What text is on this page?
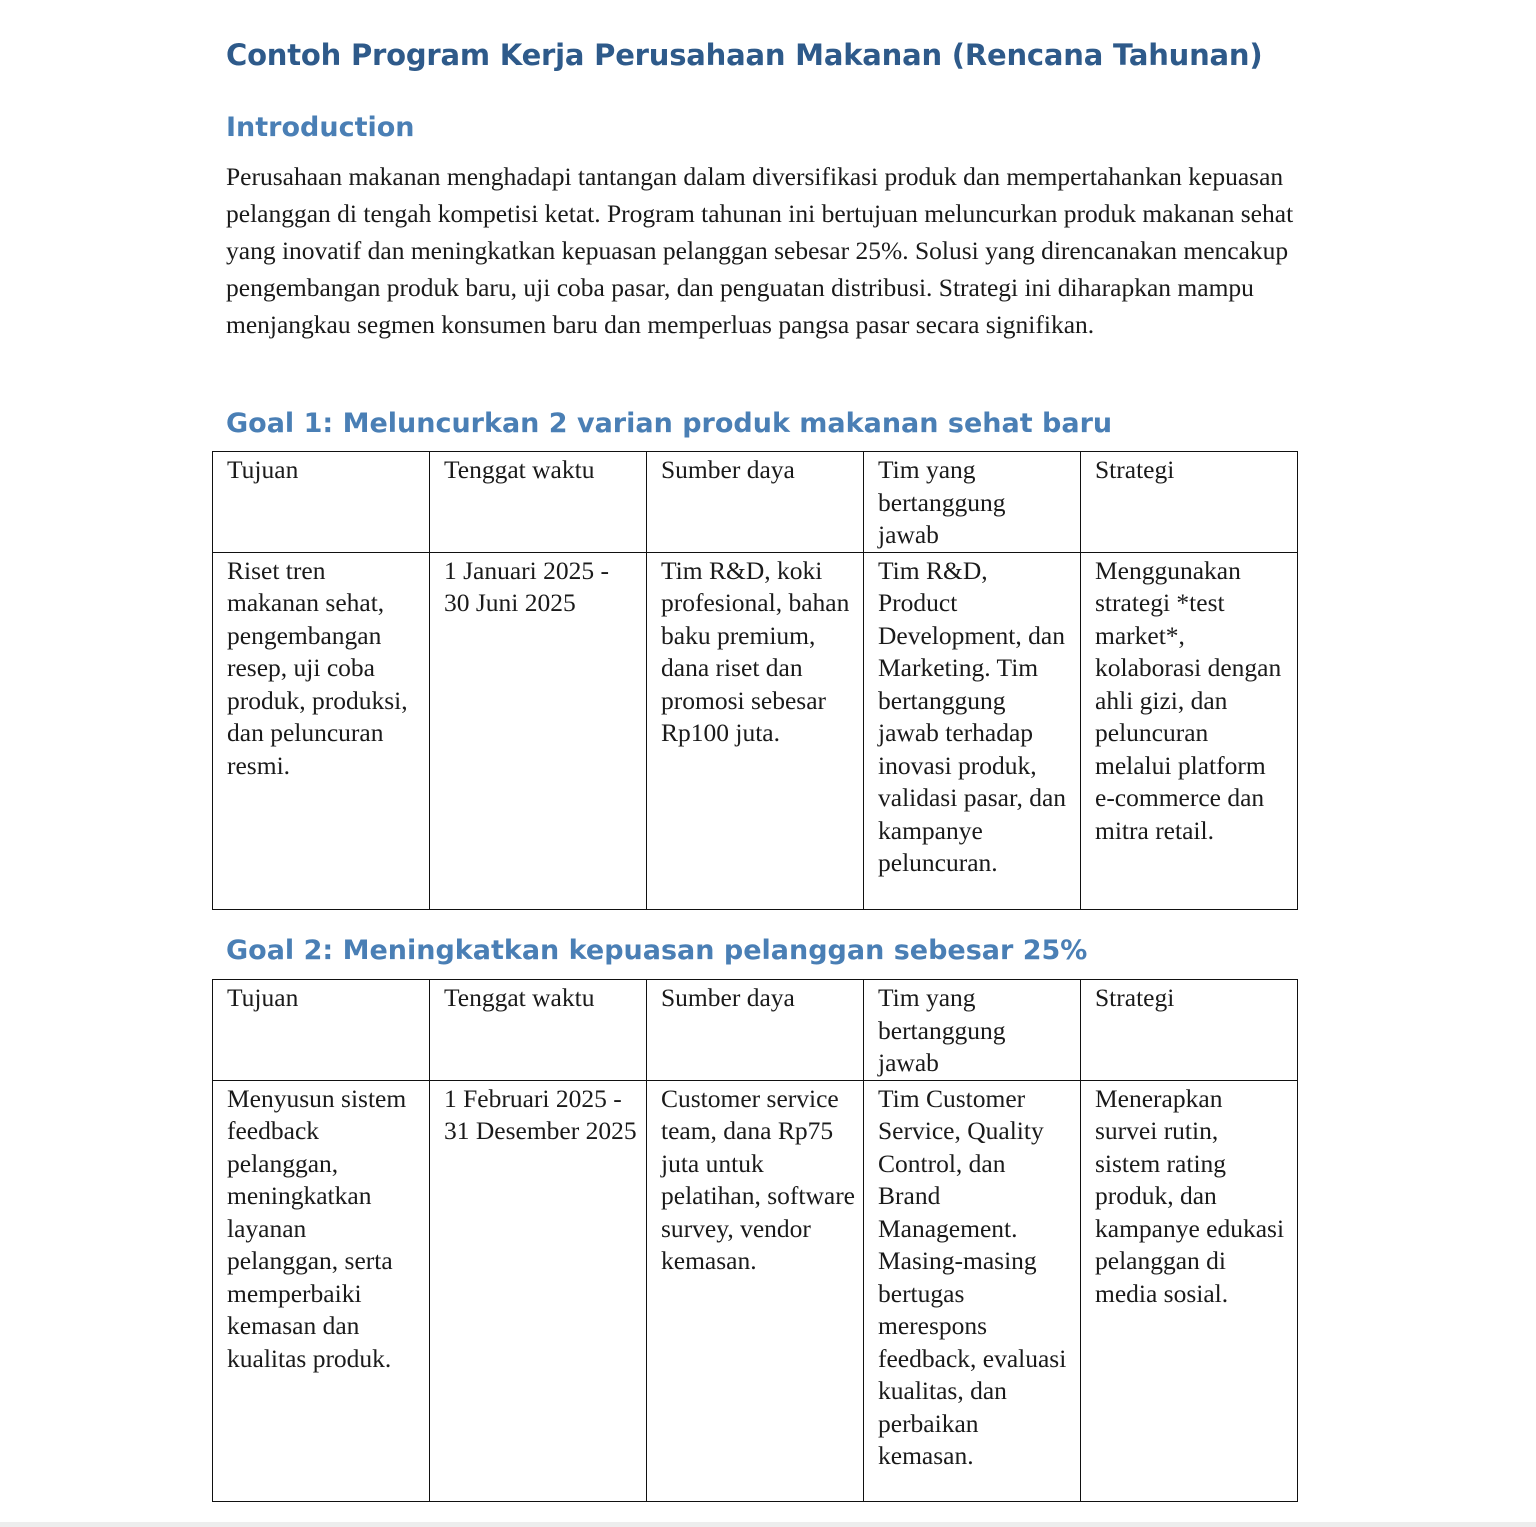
Contoh Program Kerja Perusahaan Makanan (Rencana Tahunan)
Introduction

Perusahaan makanan menghadapi tantangan dalam diversifikasi produk dan mempertahankan kepuasan pelanggan di tengah kompetisi ketat. Program tahunan ini bertujuan meluncurkan produk makanan sehat yang inovatif dan meningkatkan kepuasan pelanggan sebesar 25%. Solusi yang direncanakan mencakup pengembangan produk baru, uji coba pasar, dan penguatan distribusi. Strategi ini diharapkan mampu menjangkau segmen konsumen baru dan memperluas pangsa pasar secara signifikan.

Goal 1: Meluncurkan 2 varian produk makanan sehat baru
Tujuan	Tenggat waktu	Sumber daya	Tim yang bertanggung jawab	Strategi
Riset tren makanan sehat, pengembangan resep, uji coba produk, produksi, dan peluncuran resmi.	1 Januari 2025 - 30 Juni 2025	Tim R&D, koki profesional, bahan baku premium, dana riset dan promosi sebesar Rp100 juta.	Tim R&D, Product Development, dan Marketing. Tim bertanggung jawab terhadap inovasi produk, validasi pasar, dan kampanye peluncuran.	Menggunakan strategi *test market*, kolaborasi dengan ahli gizi, dan peluncuran melalui platform e-commerce dan mitra retail.
Goal 2: Meningkatkan kepuasan pelanggan sebesar 25%
Tujuan	Tenggat waktu	Sumber daya	Tim yang bertanggung jawab	Strategi
Menyusun sistem feedback pelanggan, meningkatkan layanan pelanggan, serta memperbaiki kemasan dan kualitas produk.	1 Februari 2025 - 31 Desember 2025	Customer service team, dana Rp75 juta untuk pelatihan, software survey, vendor kemasan.	Tim Customer Service, Quality Control, dan Brand Management. Masing-masing bertugas merespons feedback, evaluasi kualitas, dan perbaikan kemasan.	Menerapkan survei rutin, sistem rating produk, dan kampanye edukasi pelanggan di media sosial.
